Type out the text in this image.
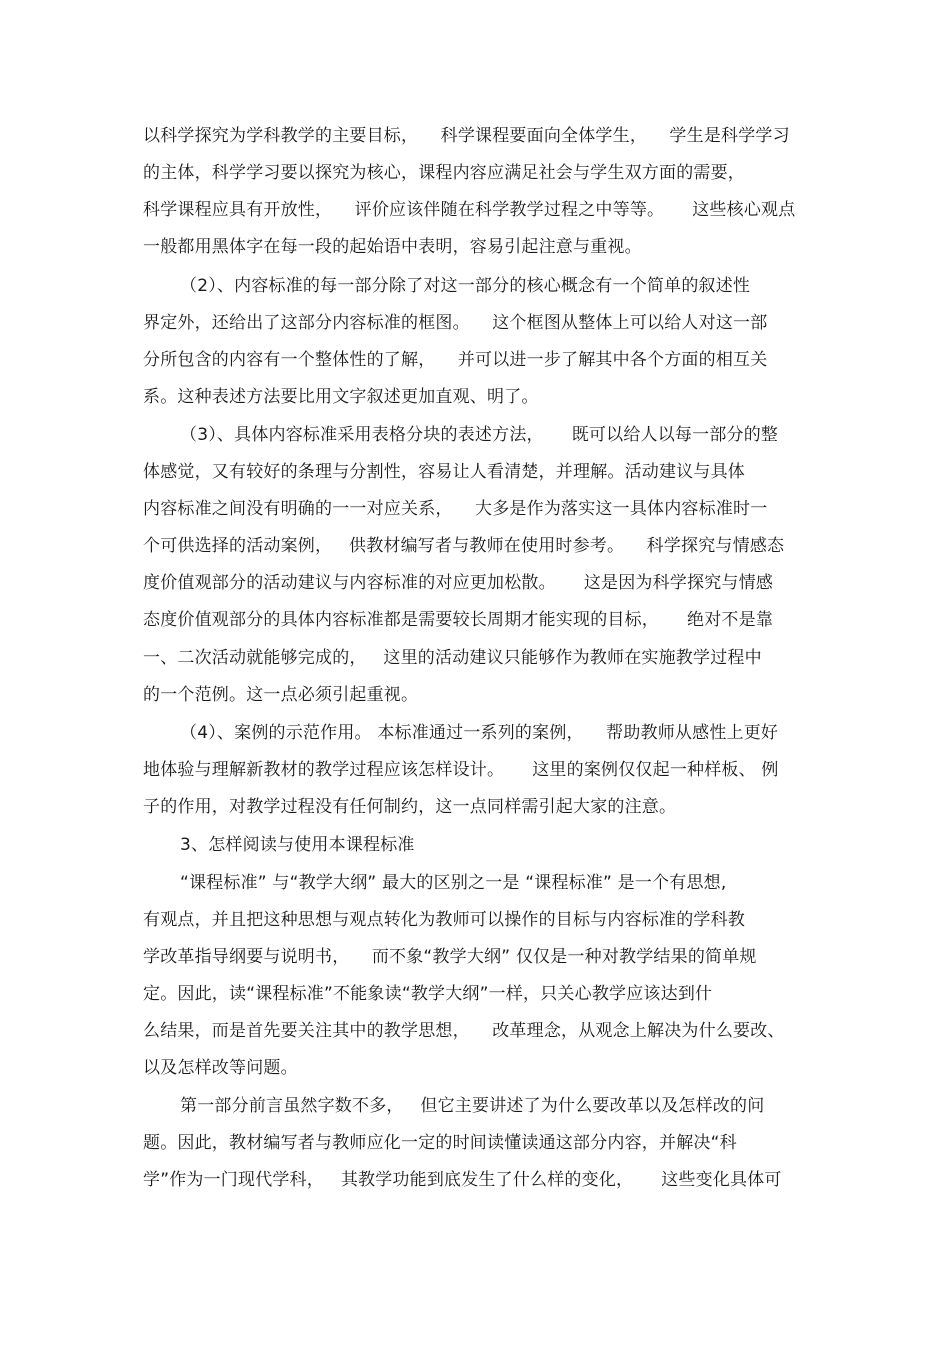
以科学探究为学科教学的主要目标，    科学课程要面向全体学生，    学生是科学学习

的主体，科学学习要以探究为核心，课程内容应满足社会与学生双方面的需要，

科学课程应具有开放性，    评价应该伴随在科学教学过程之中等等。     这些核心观点

一般都用黑体字在每一段的起始语中表明，容易引起注意与重视。

（2）、内容标准的每一部分除了对这一部分的核心概念有一个简单的叙述性

界定外，还给出了这部分内容标准的框图。    这个框图从整体上可以给人对这一部

分所包含的内容有一个整体性的了解，    并可以进一步了解其中各个方面的相互关

系。这种表述方法要比用文字叙述更加直观、明了。

（3）、具体内容标准采用表格分块的表述方法，     既可以给人以每一部分的整

体感觉，又有较好的条理与分割性，容易让人看清楚，并理解。活动建议与具体

内容标准之间没有明确的一一对应关系，    大多是作为落实这一具体内容标准时一

个可供选择的活动案例，   供教材编写者与教师在使用时参考。    科学探究与情感态

度价值观部分的活动建议与内容标准的对应更加松散。     这是因为科学探究与情感

态度价值观部分的具体内容标准都是需要较长周期才能实现的目标，     绝对不是靠

一、二次活动就能够完成的，   这里的活动建议只能够作为教师在实施教学过程中

的一个范例。这一点必须引起重视。

（4）、案例的示范作用。 本标准通过一系列的案例，    帮助教师从感性上更好

地体验与理解新教材的教学过程应该怎样设计。     这里的案例仅仅起一种样板、 例

子的作用，对教学过程没有任何制约，这一点同样需引起大家的注意。

3、怎样阅读与使用本课程标准

“课程标准” 与“教学大纲” 最大的区别之一是 “课程标准” 是一个有思想,

有观点，并且把这种思想与观点转化为教师可以操作的目标与内容标准的学科教

学改革指导纲要与说明书，    而不象“教学大纲” 仅仅是一种对教学结果的简单规

定。因此，读“课程标准”不能象读“教学大纲”一样，只关心教学应该达到什

么结果，而是首先要关注其中的教学思想，    改革理念，从观念上解决为什么要改、

以及怎样改等问题。

第一部分前言虽然字数不多，   但它主要讲述了为什么要改革以及怎样改的问

题。因此，教材编写者与教师应化一定的时间读懂读通这部分内容，并解决“科

学”作为一门现代学科，   其教学功能到底发生了什么样的变化，     这些变化具体可
